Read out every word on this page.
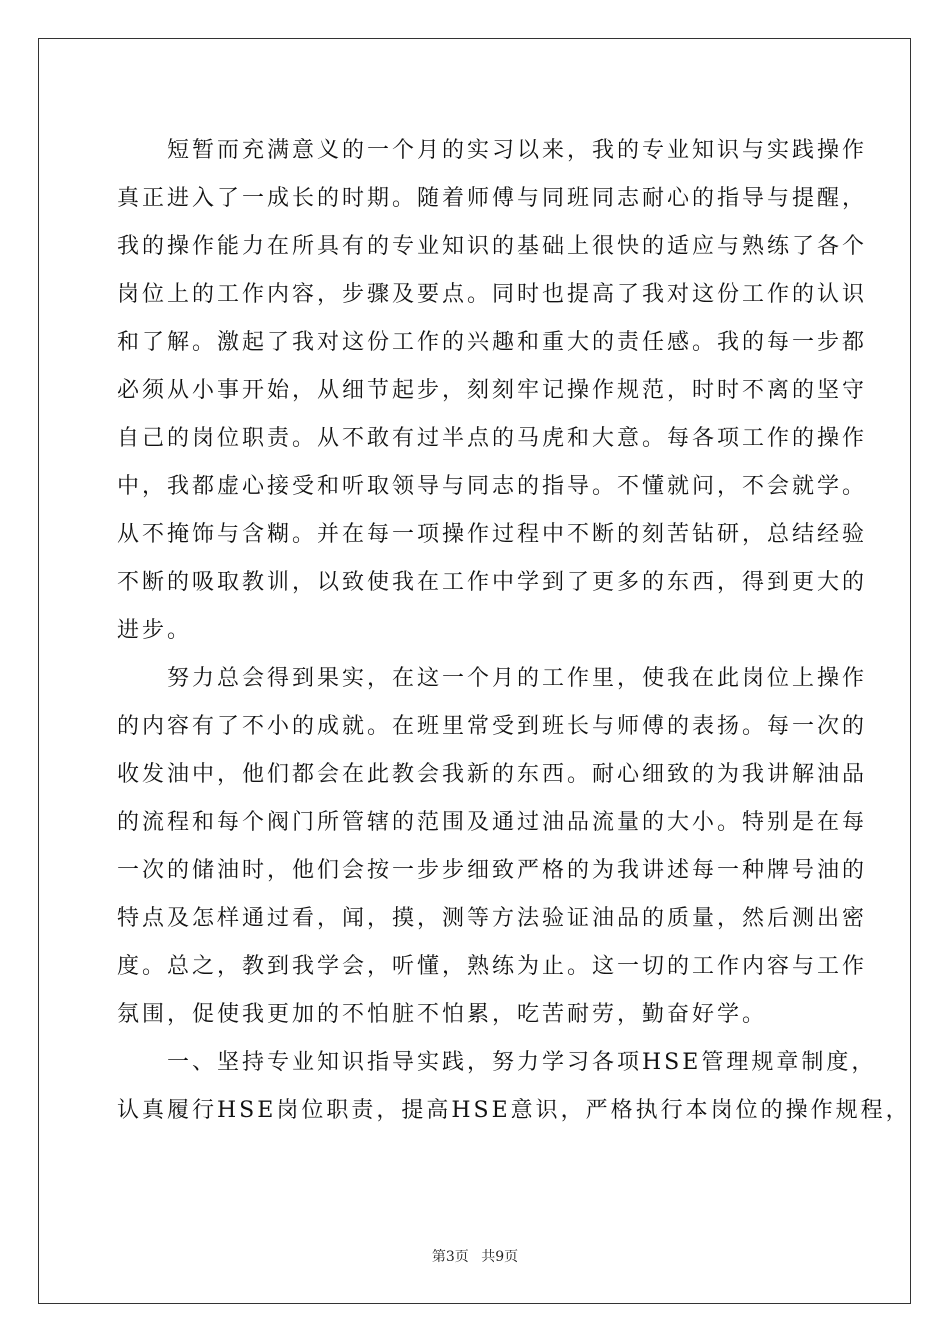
　　短暂而充满意义的一个月的实习以来，我的专业知识与实践操作
真正进入了一成长的时期。随着师傅与同班同志耐心的指导与提醒，
我的操作能力在所具有的专业知识的基础上很快的适应与熟练了各个
岗位上的工作内容，步骤及要点。同时也提高了我对这份工作的认识
和了解。激起了我对这份工作的兴趣和重大的责任感。我的每一步都
必须从小事开始，从细节起步，刻刻牢记操作规范，时时不离的坚守
自己的岗位职责。从不敢有过半点的马虎和大意。每各项工作的操作
中，我都虚心接受和听取领导与同志的指导。不懂就问，不会就学。
从不掩饰与含糊。并在每一项操作过程中不断的刻苦钻研，总结经验
不断的吸取教训，以致使我在工作中学到了更多的东西，得到更大的
进步。
　　努力总会得到果实，在这一个月的工作里，使我在此岗位上操作
的内容有了不小的成就。在班里常受到班长与师傅的表扬。每一次的
收发油中，他们都会在此教会我新的东西。耐心细致的为我讲解油品
的流程和每个阀门所管辖的范围及通过油品流量的大小。特别是在每
一次的储油时，他们会按一步步细致严格的为我讲述每一种牌号油的
特点及怎样通过看，闻，摸，测等方法验证油品的质量，然后测出密
度。总之，教到我学会，听懂，熟练为止。这一切的工作内容与工作
氛围，促使我更加的不怕脏不怕累，吃苦耐劳，勤奋好学。
　　一、坚持专业知识指导实践，努力学习各项HSE管理规章制度，
认真履行HSE岗位职责，提高HSE意识，严格执行本岗位的操作规程，
第3页 共9页
